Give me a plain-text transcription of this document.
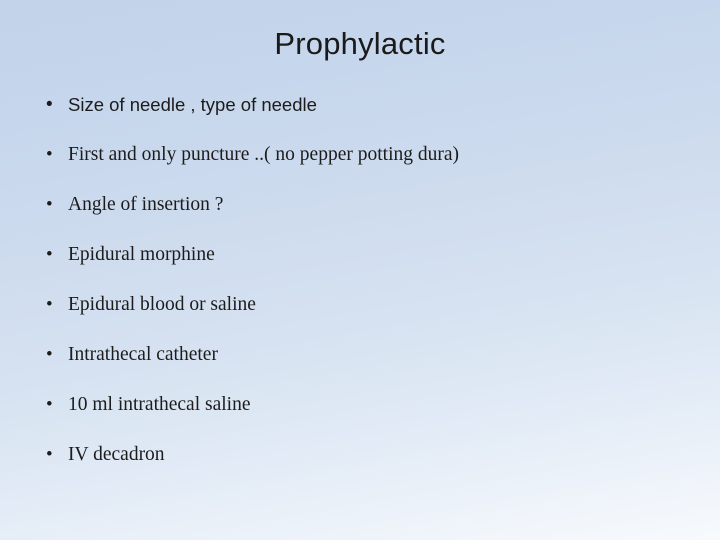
Prophylactic
• Size of needle , type of needle
• First and only puncture ..( no pepper potting dura)
• Angle of insertion ?
• Epidural morphine
• Epidural blood or saline
• Intrathecal catheter
• 10 ml intrathecal saline
• IV decadron
